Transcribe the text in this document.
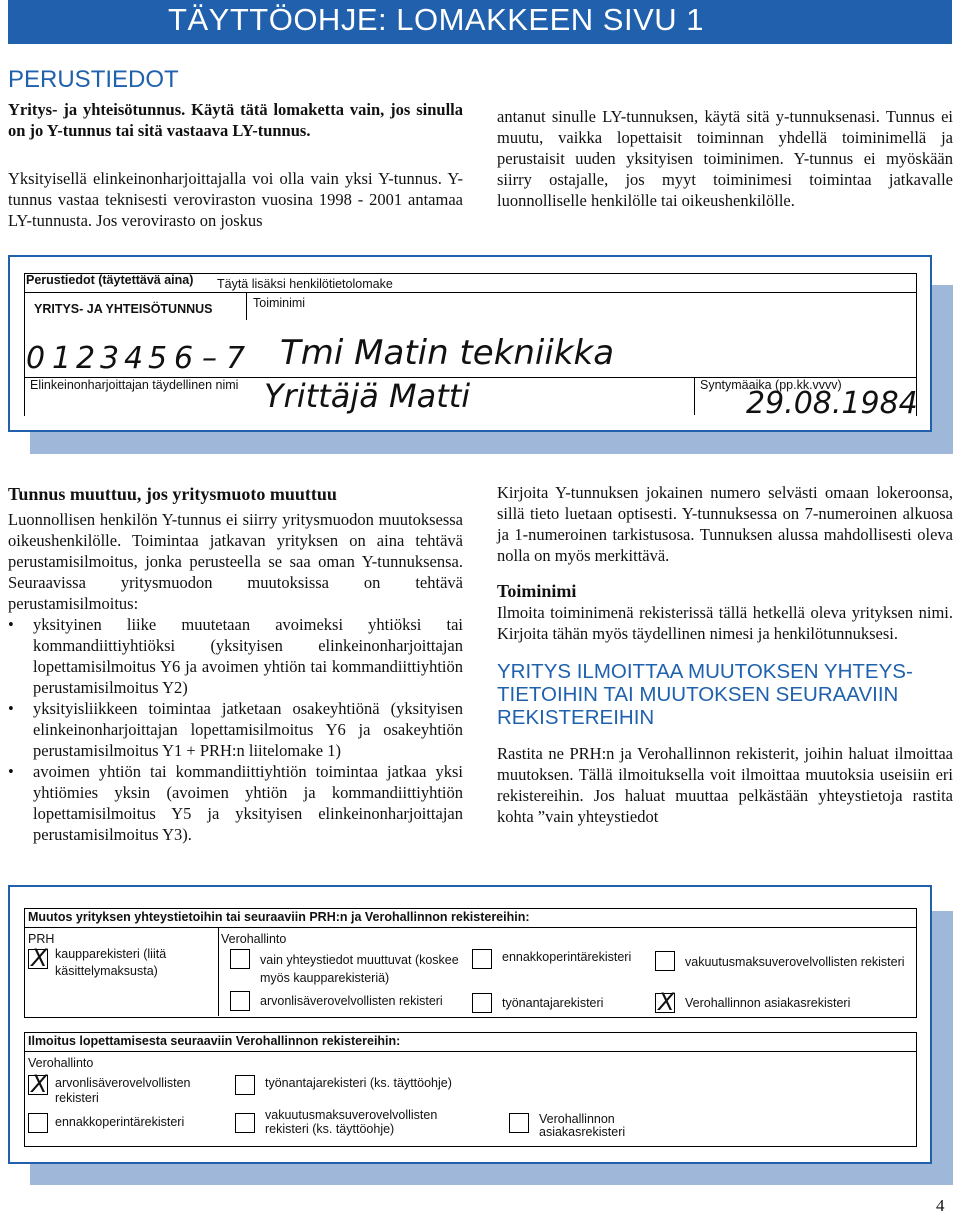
TÄYTTÖOHJE: LOMAKKEEN SIVU 1
PERUSTIEDOT

Yritys- ja yhteisötunnus. Käytä tätä lomaketta vain, jos sinulla on jo Y-tunnus tai sitä vastaava LY-tunnus.

Yksityisellä elinkeinonharjoittajalla voi olla vain yksi Y-tunnus. Y-tunnus vastaa teknisesti veroviraston vuosina 1998 - 2001 antamaa LY-tunnusta. Jos verovirasto on joskus

antanut sinulle LY-tunnuksen, käytä sitä y-tunnuksenasi. Tunnus ei muutu, vaikka lopettaisit toiminnan yhdellä toiminimellä ja perustaisit uuden yksityisen toiminimen. Y-tunnus ei myöskään siirry ostajalle, jos myyt toiminimesi toimintaa jatkavalle luonnolliselle henkilölle tai oikeushenkilölle.

Perustiedot (täytettävä aina) Täytä lisäksi henkilötietolomake
YRITYS- JA YHTEISÖTUNNUS	Toiminimi
0 1 2 3 4 5 6 – 7 Tmi Matin tekniikka
Elinkeinonharjoittajan täydellinen nimi Yrittäjä Matti	Syntymäaika (pp.kk.vvvv)
29.08.1984
Tunnus muuttuu, jos yritysmuoto muuttuu

Luonnollisen henkilön Y-tunnus ei siirry yritysmuodon muutoksessa oikeushenkilölle. Toimintaa jatkavan yrityksen on aina tehtävä perustamisilmoitus, jonka perusteella se saa oman Y-tunnuksensa. Seuraavissa yritysmuodon muutoksissa on tehtävä perustamisilmoitus:

• yksityinen liike muutetaan avoimeksi yhtiöksi tai kommandiittiyhtiöksi (yksityisen elinkeinonharjoittajan lopettamisilmoitus Y6 ja avoimen yhtiön tai kommandiittiyhtiön perustamisilmoitus Y2)
• yksityisliikkeen toimintaa jatketaan osakeyhtiönä (yksityisen elinkeinonharjoittajan lopettamisilmoitus Y6 ja osakeyhtiön perustamisilmoitus Y1 + PRH:n liitelomake 1)
• avoimen yhtiön tai kommandiittiyhtiön toimintaa jatkaa yksi yhtiömies yksin (avoimen yhtiön ja kommandiittiyhtiön lopettamisilmoitus Y5 ja yksityisen elinkeinonharjoittajan perustamisilmoitus Y3).

Kirjoita Y-tunnuksen jokainen numero selvästi omaan lokeroonsa, sillä tieto luetaan optisesti. Y-tunnuksessa on 7-numeroinen alkuosa ja 1-numeroinen tarkistusosa. Tunnuksen alussa mahdollisesti oleva nolla on myös merkittävä.

Toiminimi

Ilmoita toiminimenä rekisterissä tällä hetkellä oleva yrityksen nimi. Kirjoita tähän myös täydellinen nimesi ja henkilötunnuksesi.

YRITYS ILMOITTAA MUUTOKSEN YHTEYS-TIETOIHIN TAI MUUTOKSEN SEURAAVIIN REKISTEREIHIN

Rastita ne PRH:n ja Verohallinnon rekisterit, joihin haluat ilmoittaa muutoksen. Tällä ilmoituksella voit ilmoittaa muutoksia useisiin eri rekistereihin. Jos haluat muuttaa pelkästään yhteystietoja rastita kohta ”vain yhteystiedot

Muutos yrityksen yhteystietoihin tai seuraaviin PRH:n ja Verohallinnon rekistereihin:
PRH	Verohallinto
X kaupparekisteri (liitä käsittelymaksusta)
vain yhteystiedot muuttuvat (koskee myös kaupparekisteriä)
ennakkoperintärekisteri	vakuutusmaksuverovelvollisten rekisteri
arvonlisäverovelvollisten rekisteri	työnantajarekisteri X Verohallinnon asiakasrekisteri
Ilmoitus lopettamisesta seuraaviin Verohallinnon rekistereihin:
Verohallinto
X arvonlisäverovelvollisten rekisteri
työnantajarekisteri (ks. täyttöohje)
ennakkoperintärekisteri	vakuutusmaksuverovelvollisten rekisteri (ks. täyttöohje)
Verohallinnon asiakasrekisteri
4
